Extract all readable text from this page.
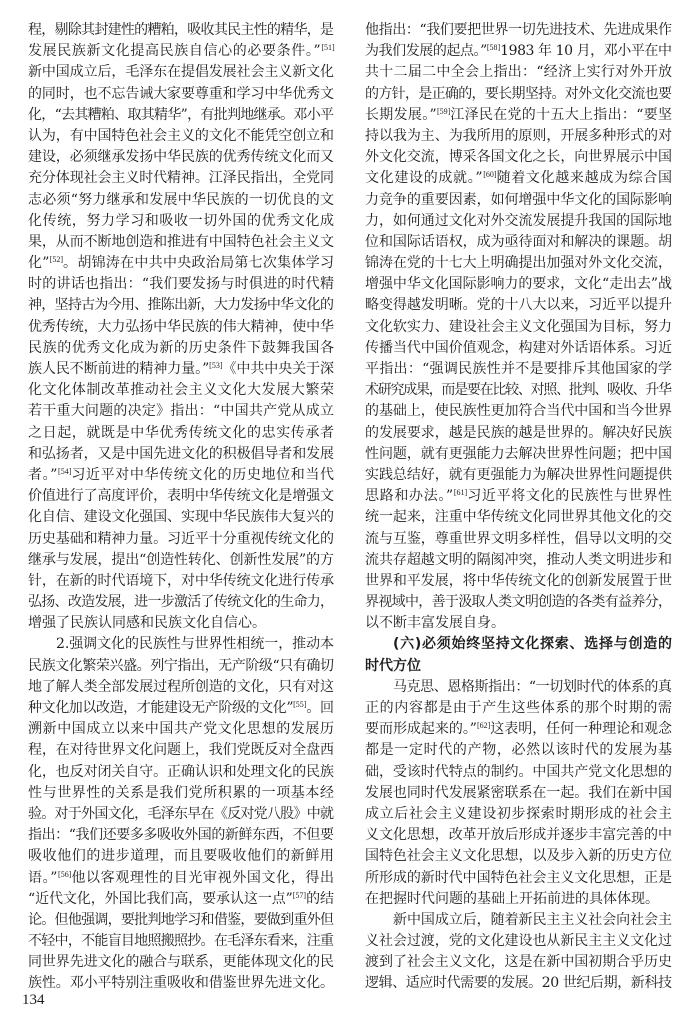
程，剔除其封建性的糟粕，吸收其民主性的精华，是
发展民族新文化提高民族自信心的必要条件。”[51]
新中国成立后，毛泽东在提倡发展社会主义新文化
的同时，也不忘告诫大家要尊重和学习中华优秀文
化，“去其糟粕、取其精华”，有批判地继承。邓小平
认为，有中国特色社会主义的文化不能凭空创立和
建设，必须继承发扬中华民族的优秀传统文化而又
充分体现社会主义时代精神。江泽民指出，全党同
志必须“努力继承和发展中华民族的一切优良的文
化传统，努力学习和吸收一切外国的优秀文化成
果，从而不断地创造和推进有中国特色社会主义文
化”[52]。胡锦涛在中共中央政治局第七次集体学习
时的讲话也指出：“我们要发扬与时俱进的时代精
神，坚持古为今用、推陈出新，大力发扬中华文化的
优秀传统，大力弘扬中华民族的伟大精神，使中华
民族的优秀文化成为新的历史条件下鼓舞我国各
族人民不断前进的精神力量。”[53]《中共中央关于深
化文化体制改革推动社会主义文化大发展大繁荣
若干重大问题的决定》指出：“中国共产党从成立
之日起，就既是中华优秀传统文化的忠实传承者
和弘扬者，又是中国先进文化的积极倡导者和发展
者。”[54]习近平对中华传统文化的历史地位和当代
价值进行了高度评价，表明中华传统文化是增强文
化自信、建设文化强国、实现中华民族伟大复兴的
历史基础和精神力量。习近平十分重视传统文化的
继承与发展，提出“创造性转化、创新性发展”的方
针，在新的时代语境下，对中华传统文化进行传承
弘扬、改造发展，进一步激活了传统文化的生命力，
增强了民族认同感和民族文化自信心。
2.强调文化的民族性与世界性相统一，推动本
民族文化繁荣兴盛。列宁指出，无产阶级“只有确切
地了解人类全部发展过程所创造的文化，只有对这
种文化加以改造，才能建设无产阶级的文化”[55]。回
溯新中国成立以来中国共产党文化思想的发展历
程，在对待世界文化问题上，我们党既反对全盘西
化，也反对闭关自守。正确认识和处理文化的民族
性与世界性的关系是我们党所积累的一项基本经
验。对于外国文化，毛泽东早在《反对党八股》中就
指出：“我们还要多多吸收外国的新鲜东西，不但要
吸收他们的进步道理，而且要吸收他们的新鲜用
语。”[56]他以客观理性的目光审视外国文化，得出
“近代文化，外国比我们高，要承认这一点”[57]的结
论。但他强调，要批判地学习和借鉴，要做到重外但
不轻中，不能盲目地照搬照抄。在毛泽东看来，注重
同世界先进文化的融合与联系，更能体现文化的民
族性。邓小平特别注重吸收和借鉴世界先进文化。
他指出：“我们要把世界一切先进技术、先进成果作
为我们发展的起点。”[58]1983 年 10 月，邓小平在中
共十二届二中全会上指出：“经济上实行对外开放
的方针，是正确的，要长期坚持。对外文化交流也要
长期发展。”[59]江泽民在党的十五大上指出：“要坚
持以我为主、为我所用的原则，开展多种形式的对
外文化交流，博采各国文化之长，向世界展示中国
文化建设的成就。”[60]随着文化越来越成为综合国
力竞争的重要因素，如何增强中华文化的国际影响
力，如何通过文化对外交流发展提升我国的国际地
位和国际话语权，成为亟待面对和解决的课题。胡
锦涛在党的十七大上明确提出加强对外文化交流，
增强中华文化国际影响力的要求，文化“走出去”战
略变得越发明晰。党的十八大以来，习近平以提升
文化软实力、建设社会主义文化强国为目标，努力
传播当代中国价值观念，构建对外话语体系。习近
平指出：“强调民族性并不是要排斥其他国家的学
术研究成果，而是要在比较、对照、批判、吸收、升华
的基础上，使民族性更加符合当代中国和当今世界
的发展要求，越是民族的越是世界的。解决好民族
性问题，就有更强能力去解决世界性问题；把中国
实践总结好，就有更强能力为解决世界性问题提供
思路和办法。”[61]习近平将文化的民族性与世界性
统一起来，注重中华传统文化同世界其他文化的交
流与互鉴，尊重世界文明多样性，倡导以文明的交
流共存超越文明的隔阂冲突，推动人类文明进步和
世界和平发展，将中华传统文化的创新发展置于世
界视域中，善于汲取人类文明创造的各类有益养分，
以不断丰富发展自身。
(六)必须始终坚持文化探索、选择与创造的
时代方位
马克思、恩格斯指出：“一切划时代的体系的真
正的内容都是由于产生这些体系的那个时期的需
要而形成起来的。”[62]这表明，任何一种理论和观念
都是一定时代的产物，必然以该时代的发展为基
础，受该时代特点的制约。中国共产党文化思想的
发展也同时代发展紧密联系在一起。我们在新中国
成立后社会主义建设初步探索时期形成的社会主
义文化思想，改革开放后形成并逐步丰富完善的中
国特色社会主义文化思想，以及步入新的历史方位
所形成的新时代中国特色社会主义文化思想，正是
在把握时代问题的基础上开拓前进的具体体现。
新中国成立后，随着新民主主义社会向社会主
义社会过渡，党的文化建设也从新民主主义文化过
渡到了社会主义文化，这是在新中国初期合乎历史
逻辑、适应时代需要的发展。20 世纪后期，新科技
134
